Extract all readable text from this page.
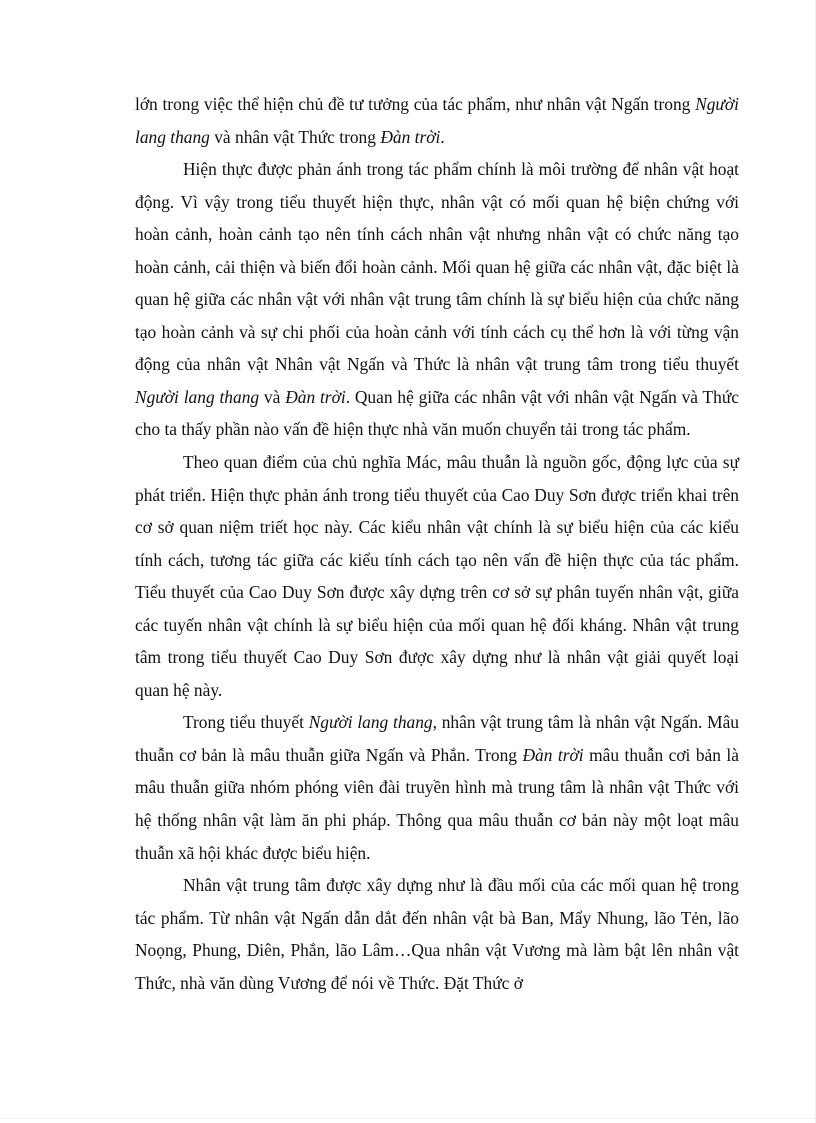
lớn trong việc thể hiện chủ đề tư tưởng của tác phẩm, như nhân vật Ngấn trong Người lang thang và nhân vật Thức trong Đàn trời.

Hiện thực được phản ánh trong tác phẩm chính là môi trường để nhân vật hoạt động. Vì vậy trong tiểu thuyết hiện thực, nhân vật có mối quan hệ biện chứng với hoàn cảnh, hoàn cảnh tạo nên tính cách nhân vật nhưng nhân vật có chức năng tạo hoàn cảnh, cải thiện và biến đổi hoàn cảnh. Mối quan hệ giữa các nhân vật, đặc biệt là quan hệ giữa các nhân vật với nhân vật trung tâm chính là sự biểu hiện của chức năng tạo hoàn cảnh và sự chi phối của hoàn cảnh với tính cách cụ thể hơn là với từng vận động của nhân vật Nhân vật Ngấn và Thức là nhân vật trung tâm trong tiểu thuyết Người lang thang và Đàn trời. Quan hệ giữa các nhân vật với nhân vật Ngấn và Thức cho ta thấy phần nào vấn đề hiện thực nhà văn muốn chuyển tải trong tác phẩm.

Theo quan điểm của chủ nghĩa Mác, mâu thuẫn là nguồn gốc, động lực của sự phát triển. Hiện thực phản ánh trong tiểu thuyết của Cao Duy Sơn được triển khai trên cơ sở quan niệm triết học này. Các kiểu nhân vật chính là sự biểu hiện của các kiểu tính cách, tương tác giữa các kiểu tính cách tạo nên vấn đề hiện thực của tác phẩm. Tiểu thuyết của Cao Duy Sơn được xây dựng trên cơ sở sự phân tuyến nhân vật, giữa các tuyến nhân vật chính là sự biểu hiện của mối quan hệ đối kháng. Nhân vật trung tâm trong tiểu thuyết Cao Duy Sơn được xây dựng như là nhân vật giải quyết loại quan hệ này.

Trong tiểu thuyết Người lang thang, nhân vật trung tâm là nhân vật Ngấn. Mâu thuẫn cơ bản là mâu thuẫn giữa Ngấn và Phắn. Trong Đàn trời mâu thuẫn cơi bản là mâu thuẫn giữa nhóm phóng viên đài truyền hình mà trung tâm là nhân vật Thức với hệ thống nhân vật làm ăn phi pháp. Thông qua mâu thuẫn cơ bản này một loạt mâu thuẫn xã hội khác được biểu hiện.

Nhân vật trung tâm được xây dựng như là đầu mối của các mối quan hệ trong tác phẩm. Từ nhân vật Ngấn dẫn dắt đến nhân vật bà Ban, Mẩy Nhung, lão Tẻn, lão Noọng, Phung, Diên, Phắn, lão Lâm…Qua nhân vật Vương mà làm bật lên nhân vật Thức, nhà văn dùng Vương để nói về Thức. Đặt Thức ở
